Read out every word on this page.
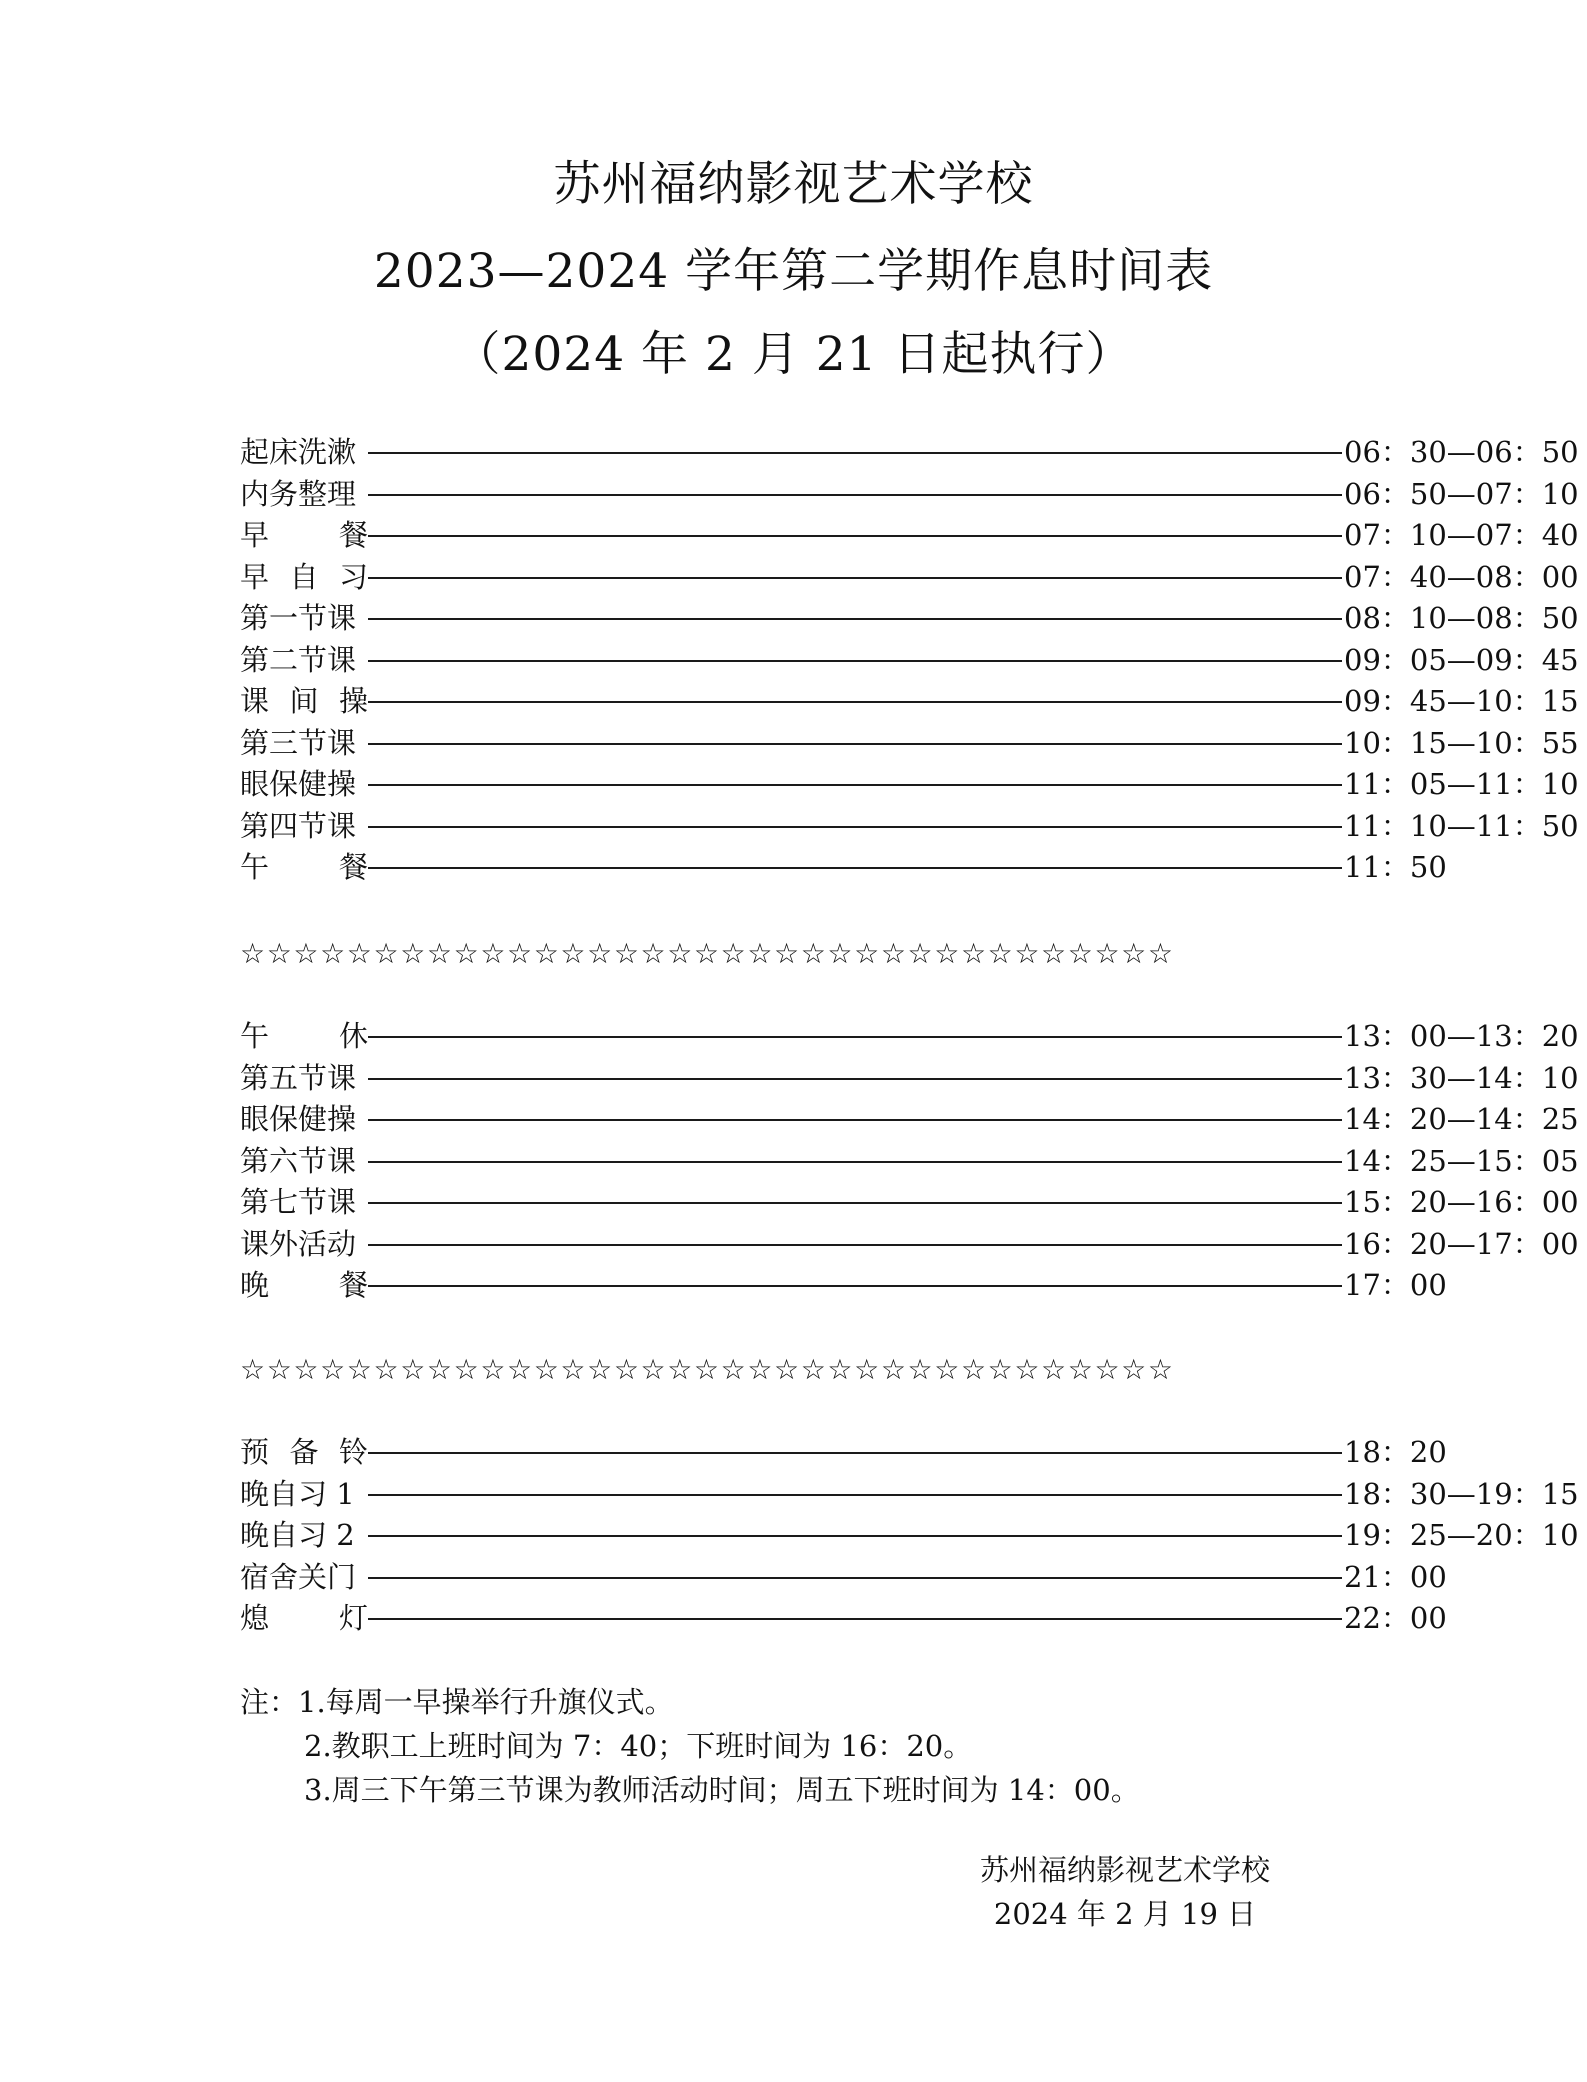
苏州福纳影视艺术学校
2023—2024 学年第二学期作息时间表
（2024 年 2 月 21 日起执行）
起床洗漱	06：30—06：50
内务整理	06：50—07：10
早 餐	07：10—07：40
早 自 习	07：40—08：00
第一节课	08：10—08：50
第二节课	09：05—09：45
课 间 操	09：45—10：15
第三节课	10：15—10：55
眼保健操	11：05—11：10
第四节课	11：10—11：50
午 餐	11：50
☆☆☆☆☆☆☆☆☆☆☆☆☆☆☆☆☆☆☆☆☆☆☆☆☆☆☆☆☆☆☆☆☆☆☆
午 休	13：00—13：20
第五节课	13：30—14：10
眼保健操	14：20—14：25
第六节课	14：25—15：05
第七节课	15：20—16：00
课外活动	16：20—17：00
晚 餐	17：00
☆☆☆☆☆☆☆☆☆☆☆☆☆☆☆☆☆☆☆☆☆☆☆☆☆☆☆☆☆☆☆☆☆☆☆
预 备 铃	18：20
晚自习 1	18：30—19：15
晚自习 2	19：25—20：10
宿舍关门	21：00
熄 灯	22：00
注：1.每周一早操举行升旗仪式。
2.教职工上班时间为 7：40；下班时间为 16：20。
3.周三下午第三节课为教师活动时间；周五下班时间为 14：00。
苏州福纳影视艺术学校
2024 年 2 月 19 日
